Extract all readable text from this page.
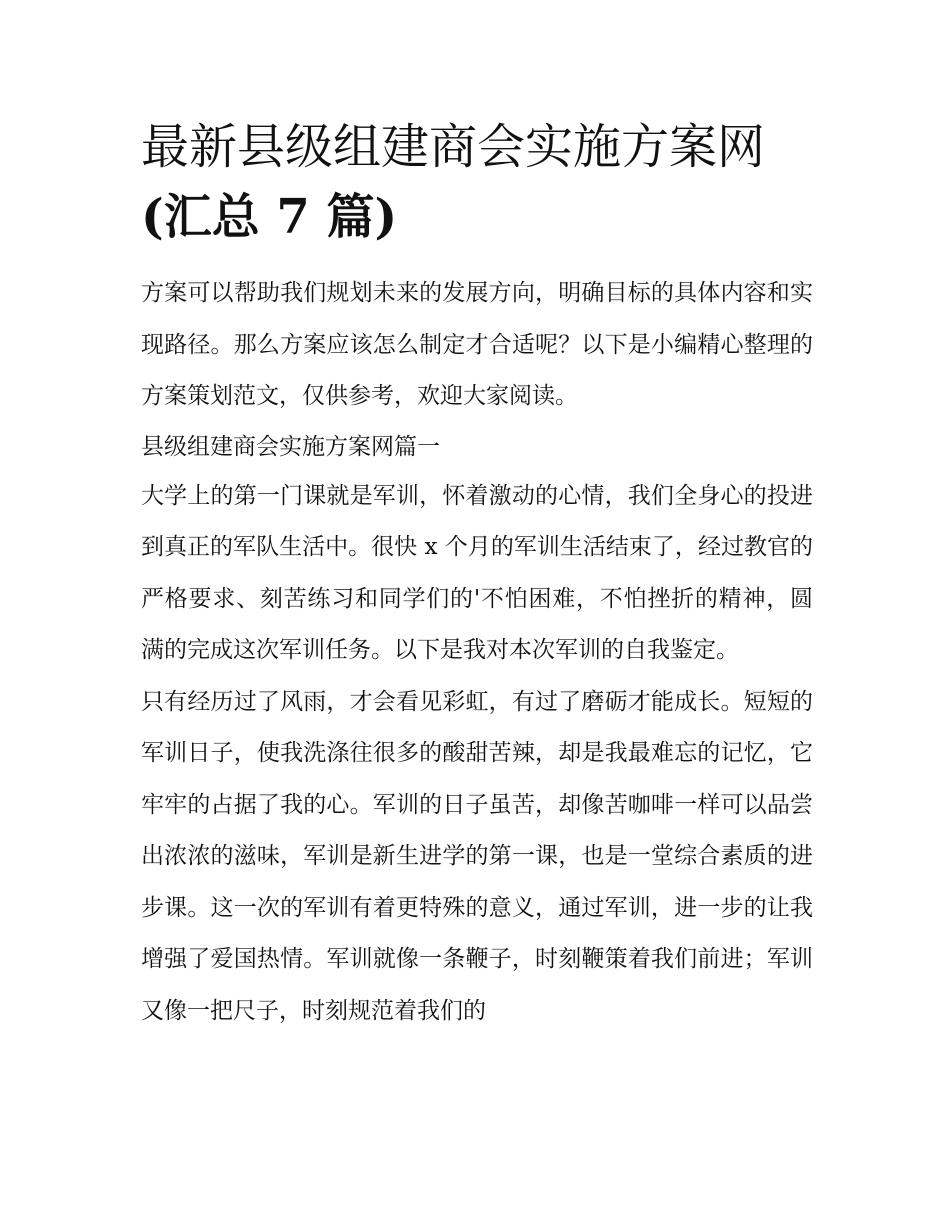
最新县级组建商会实施方案网
(汇总 7 篇)

方案可以帮助我们规划未来的发展方向，明确目标的具体内容和实现路径。那么方案应该怎么制定才合适呢？以下是小编精心整理的方案策划范文，仅供参考，欢迎大家阅读。

县级组建商会实施方案网篇一

大学上的第一门课就是军训，怀着激动的心情，我们全身心的投进到真正的军队生活中。很快 x 个月的军训生活结束了，经过教官的严格要求、刻苦练习和同学们的'不怕困难，不怕挫折的精神，圆满的完成这次军训任务。以下是我对本次军训的自我鉴定。

只有经历过了风雨，才会看见彩虹，有过了磨砺才能成长。短短的军训日子，使我洗涤往很多的酸甜苦辣，却是我最难忘的记忆，它牢牢的占据了我的心。军训的日子虽苦，却像苦咖啡一样可以品尝出浓浓的滋味，军训是新生进学的第一课，也是一堂综合素质的进步课。这一次的军训有着更特殊的意义，通过军训，进一步的让我增强了爱国热情。军训就像一条鞭子，时刻鞭策着我们前进；军训又像一把尺子，时刻规范着我们的
